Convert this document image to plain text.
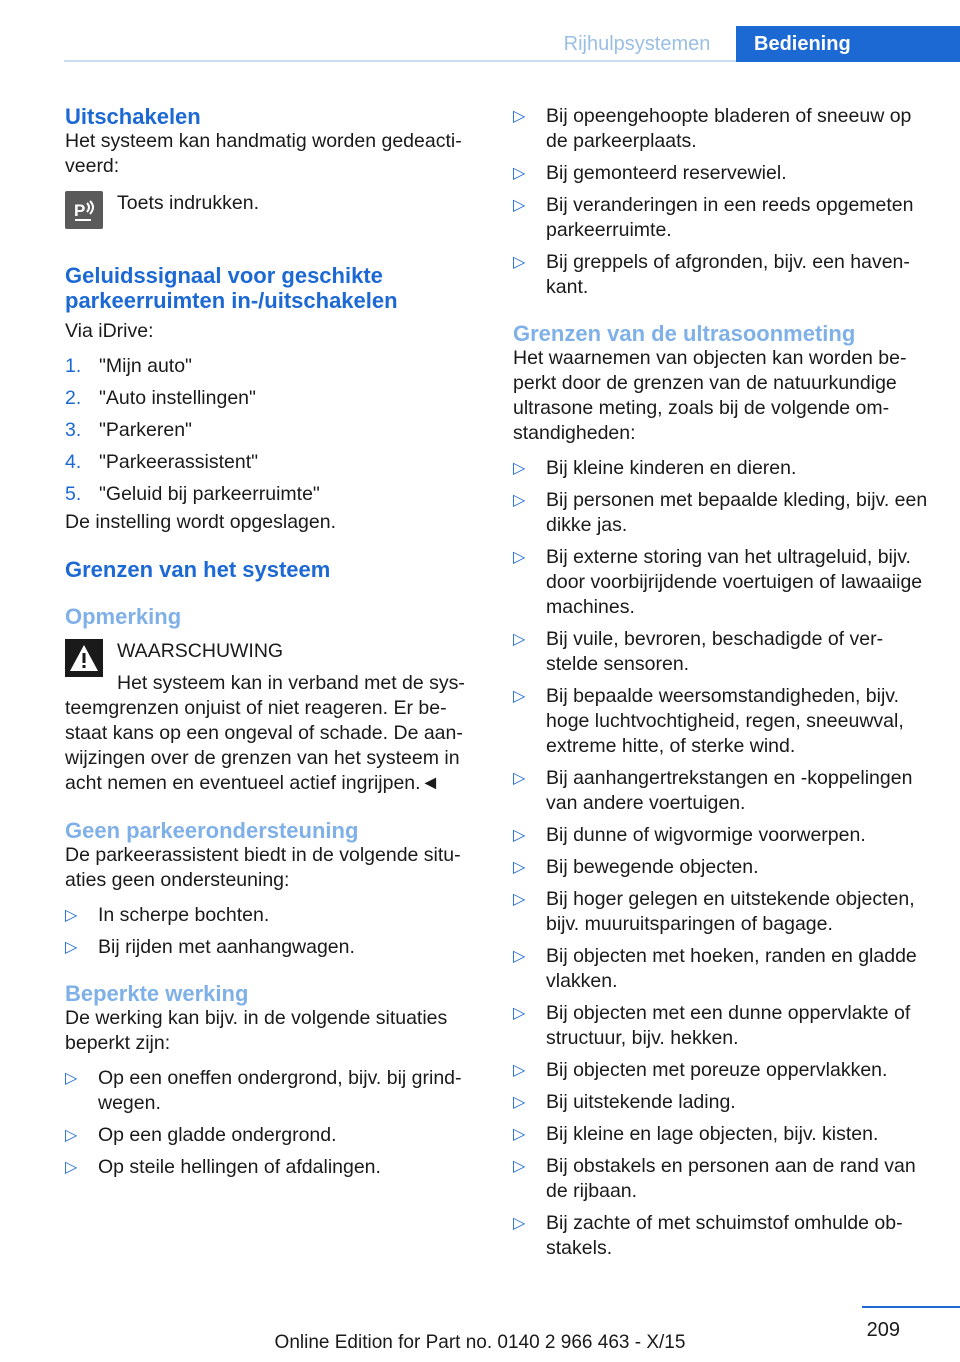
Rijhulpsystemen	Bediening
Uitschakelen

Het systeem kan handmatig worden gedeactiveerd:

P	Toets indrukken.

Geluidssignaal voor geschikte parkeerruimten in-/uitschakelen

Via iDrive:

1. "Mijn auto"
2. "Auto instellingen"
3. "Parkeren"
4. "Parkeerassistent"
5. "Geluid bij parkeerruimte"

De instelling wordt opgeslagen.

Grenzen van het systeem
Opmerking

WAARSCHUWING

Het systeem kan in verband met de systeemgrenzen onjuist of niet reageren. Er bestaat kans op een ongeval of schade. De aanwijzingen over de grenzen van het systeem in acht nemen en eventueel actief ingrijpen.◄

Geen parkeerondersteuning

De parkeerassistent biedt in de volgende situaties geen ondersteuning:

▷ In scherpe bochten.
▷ Bij rijden met aanhangwagen.
Beperkte werking

De werking kan bijv. in de volgende situaties beperkt zijn:

▷ Op een oneffen ondergrond, bijv. bij grindwegen.
▷ Op een gladde ondergrond.
▷ Op steile hellingen of afdalingen.
▷ Bij opeengehoopte bladeren of sneeuw op de parkeerplaats.
▷ Bij gemonteerd reservewiel.
▷ Bij veranderingen in een reeds opgemeten parkeerruimte.
▷ Bij greppels of afgronden, bijv. een havenkant.
Grenzen van de ultrasoonmeting

Het waarnemen van objecten kan worden beperkt door de grenzen van de natuurkundige ultrasone meting, zoals bij de volgende omstandigheden:

▷ Bij kleine kinderen en dieren.
▷ Bij personen met bepaalde kleding, bijv. een dikke jas.
▷ Bij externe storing van het ultrageluid, bijv. door voorbijrijdende voertuigen of lawaaiige machines.
▷ Bij vuile, bevroren, beschadigde of verstelde sensoren.
▷ Bij bepaalde weersomstandigheden, bijv. hoge luchtvochtigheid, regen, sneeuwval, extreme hitte, of sterke wind.
▷ Bij aanhangertrekstangen en -koppelingen van andere voertuigen.
▷ Bij dunne of wigvormige voorwerpen.
▷ Bij bewegende objecten.
▷ Bij hoger gelegen en uitstekende objecten, bijv. muuruitsparingen of bagage.
▷ Bij objecten met hoeken, randen en gladde vlakken.
▷ Bij objecten met een dunne oppervlakte of structuur, bijv. hekken.
▷ Bij objecten met poreuze oppervlakken.
▷ Bij uitstekende lading.
▷ Bij kleine en lage objecten, bijv. kisten.
▷ Bij obstakels en personen aan de rand van de rijbaan.
▷ Bij zachte of met schuimstof omhulde obstakels.
209
Online Edition for Part no. 0140 2 966 463 - X/15
